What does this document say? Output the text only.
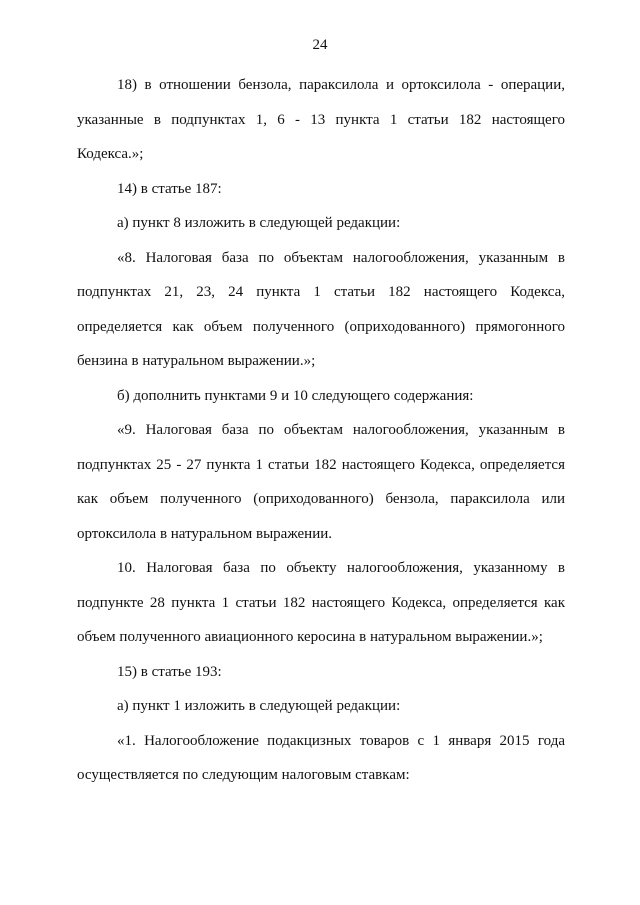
24
18) в отношении бензола, параксилола и ортоксилола - операции,
указанные в подпунктах 1, 6 - 13 пункта 1 статьи 182 настоящего
Кодекса.»;
14) в статье 187:
а) пункт 8 изложить в следующей редакции:
«8. Налоговая база по объектам налогообложения, указанным в
подпунктах 21, 23, 24 пункта 1 статьи 182 настоящего Кодекса,
определяется как объем полученного (оприходованного) прямогонного
бензина в натуральном выражении.»;
б) дополнить пунктами 9 и 10 следующего содержания:
«9. Налоговая база по объектам налогообложения, указанным в
подпунктах 25 - 27 пункта 1 статьи 182 настоящего Кодекса, определяется
как объем полученного (оприходованного) бензола, параксилола или
ортоксилола в натуральном выражении.
10. Налоговая база по объекту налогообложения, указанному в
подпункте 28 пункта 1 статьи 182 настоящего Кодекса, определяется как
объем полученного авиационного керосина в натуральном выражении.»;
15) в статье 193:
а) пункт 1 изложить в следующей редакции:
«1. Налогообложение подакцизных товаров с 1 января 2015 года
осуществляется по следующим налоговым ставкам:
